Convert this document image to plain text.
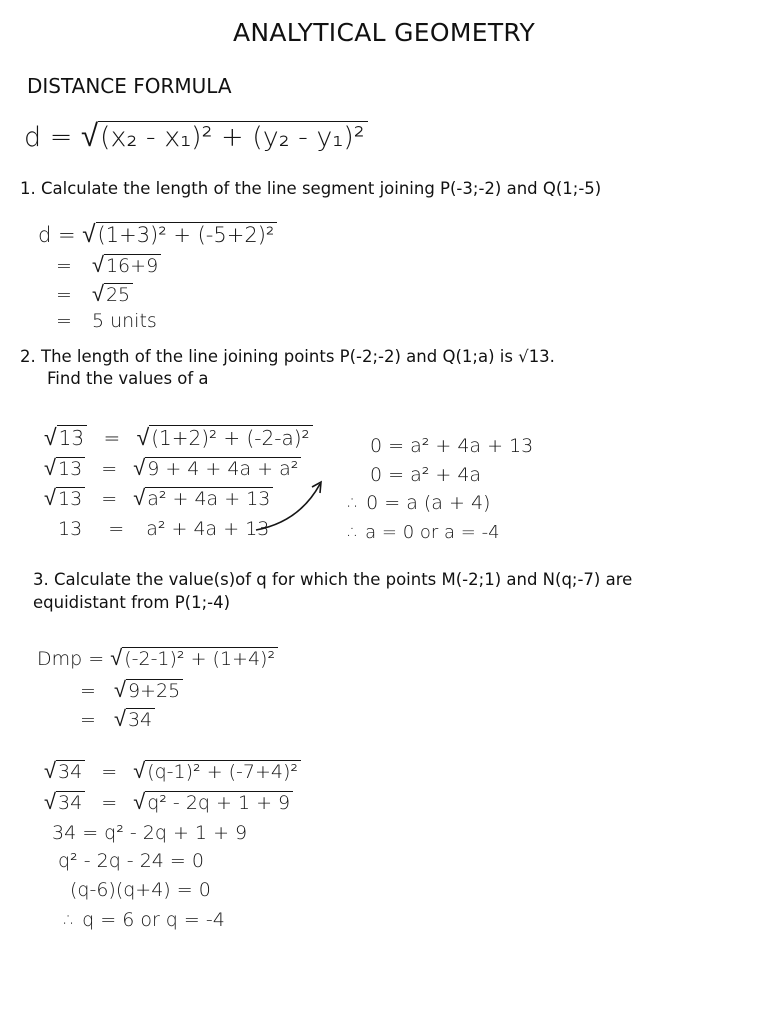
ANALYTICAL GEOMETRY
DISTANCE FORMULA
d = √(x₂ - x₁)² + (y₂ - y₁)²
1. Calculate the length of the line segment joining P(-3;-2) and Q(1;-5)
d = √(1+3)² + (-5+2)²
= √ 16+9
= √ 25
= 5 units
2. The length of the line joining points P(-2;-2) and Q(1;a) is √13.
Find the values of a
√ 13 = √ (1+2)² + (-2-a)²
√ 13 = √ 9 + 4 + 4a + a²
√ 13 = √ a² + 4a + 13
13 = a² + 4a + 13
0 = a² + 4a + 13
0 = a² + 4a
∴ 0 = a (a + 4)
∴ a = 0 or a = -4
3. Calculate the value(s)of q for which the points M(-2;1) and N(q;-7) are
equidistant from P(1;-4)
Dmp = √ (-2-1)² + (1+4)²
= √ 9+25
= √ 34
√ 34 = √ (q-1)² + (-7+4)²
√ 34 = √ q² - 2q + 1 + 9
34 = q² - 2q + 1 + 9
q² - 2q - 24 = 0
(q-6)(q+4) = 0
∴ q = 6 or q = -4
